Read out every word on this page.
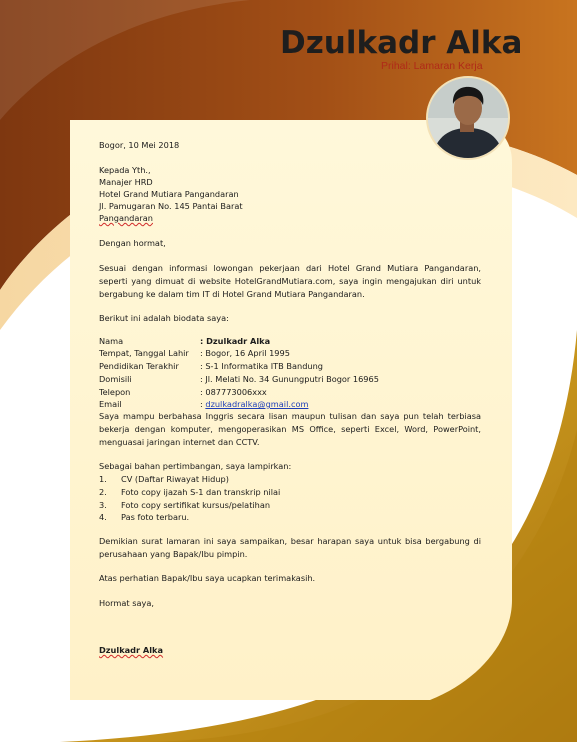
Dzulkadr Alka
Prihal: Lamaran Kerja
Bogor, 10 Mei 2018
Kepada Yth.,
Manajer HRD
Hotel Grand Mutiara Pangandaran
Jl. Pamugaran No. 145 Pantai Barat
Pangandaran
Dengan hormat,
Sesuai dengan informasi lowongan pekerjaan dari Hotel Grand Mutiara Pangandaran,
seperti yang dimuat di website HotelGrandMutiara.com, saya ingin mengajukan diri untuk
bergabung ke dalam tim IT di Hotel Grand Mutiara Pangandaran.
Berikut ini adalah biodata saya:
Nama	: Dzulkadr Alka
Tempat, Tanggal Lahir : Bogor, 16 April 1995
Pendidikan Terakhir	: S-1 Informatika ITB Bandung
Domisili	: Jl. Melati No. 34 Gunungputri Bogor 16965
Telepon	: 087773006xxx
Email	: dzulkadralka@gmail.com
Saya mampu berbahasa Inggris secara lisan maupun tulisan dan saya pun telah terbiasa
bekerja dengan komputer, mengoperasikan MS Office, seperti Excel, Word, PowerPoint,
menguasai jaringan internet dan CCTV.
Sebagai bahan pertimbangan, saya lampirkan:
1. CV (Daftar Riwayat Hidup)
2. Foto copy ijazah S-1 dan transkrip nilai
3. Foto copy sertifikat kursus/pelatihan
4. Pas foto terbaru.
Demikian surat lamaran ini saya sampaikan, besar harapan saya untuk bisa bergabung di
perusahaan yang Bapak/Ibu pimpin.
Atas perhatian Bapak/Ibu saya ucapkan terimakasih.
Hormat saya,
Dzulkadr Alka
